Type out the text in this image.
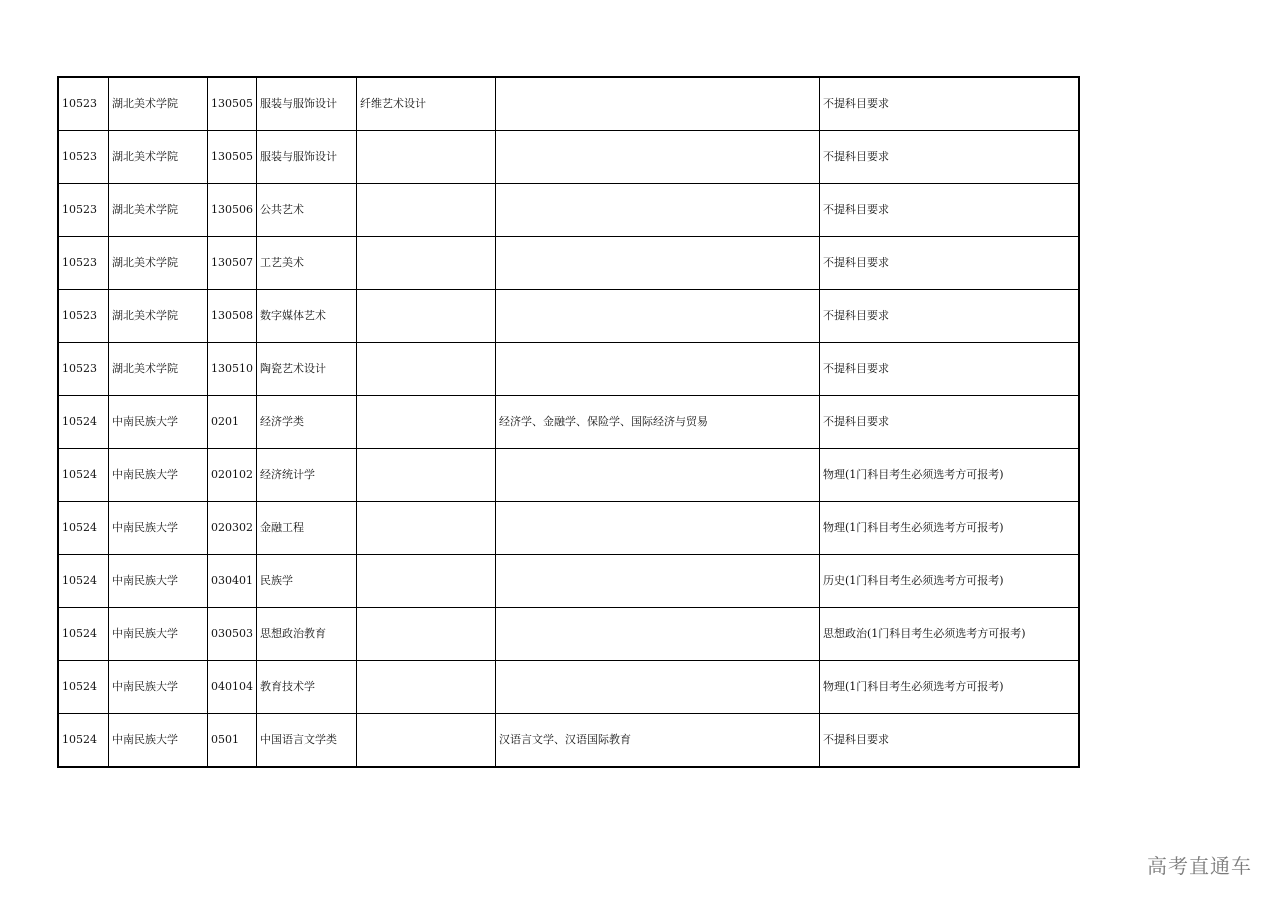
10523	湖北美术学院	130505	服装与服饰设计	纤维艺术设计		不提科目要求
10523	湖北美术学院	130505	服装与服饰设计			不提科目要求
10523	湖北美术学院	130506	公共艺术			不提科目要求
10523	湖北美术学院	130507	工艺美术			不提科目要求
10523	湖北美术学院	130508	数字媒体艺术			不提科目要求
10523	湖北美术学院	130510	陶瓷艺术设计			不提科目要求
10524	中南民族大学	0201	经济学类		经济学、金融学、保险学、国际经济与贸易	不提科目要求
10524	中南民族大学	020102	经济统计学			物理(1门科目考生必须选考方可报考)
10524	中南民族大学	020302	金融工程			物理(1门科目考生必须选考方可报考)
10524	中南民族大学	030401	民族学			历史(1门科目考生必须选考方可报考)
10524	中南民族大学	030503	思想政治教育			思想政治(1门科目考生必须选考方可报考)
10524	中南民族大学	040104	教育技术学			物理(1门科目考生必须选考方可报考)
10524	中南民族大学	0501	中国语言文学类		汉语言文学、汉语国际教育	不提科目要求
高考直通车
